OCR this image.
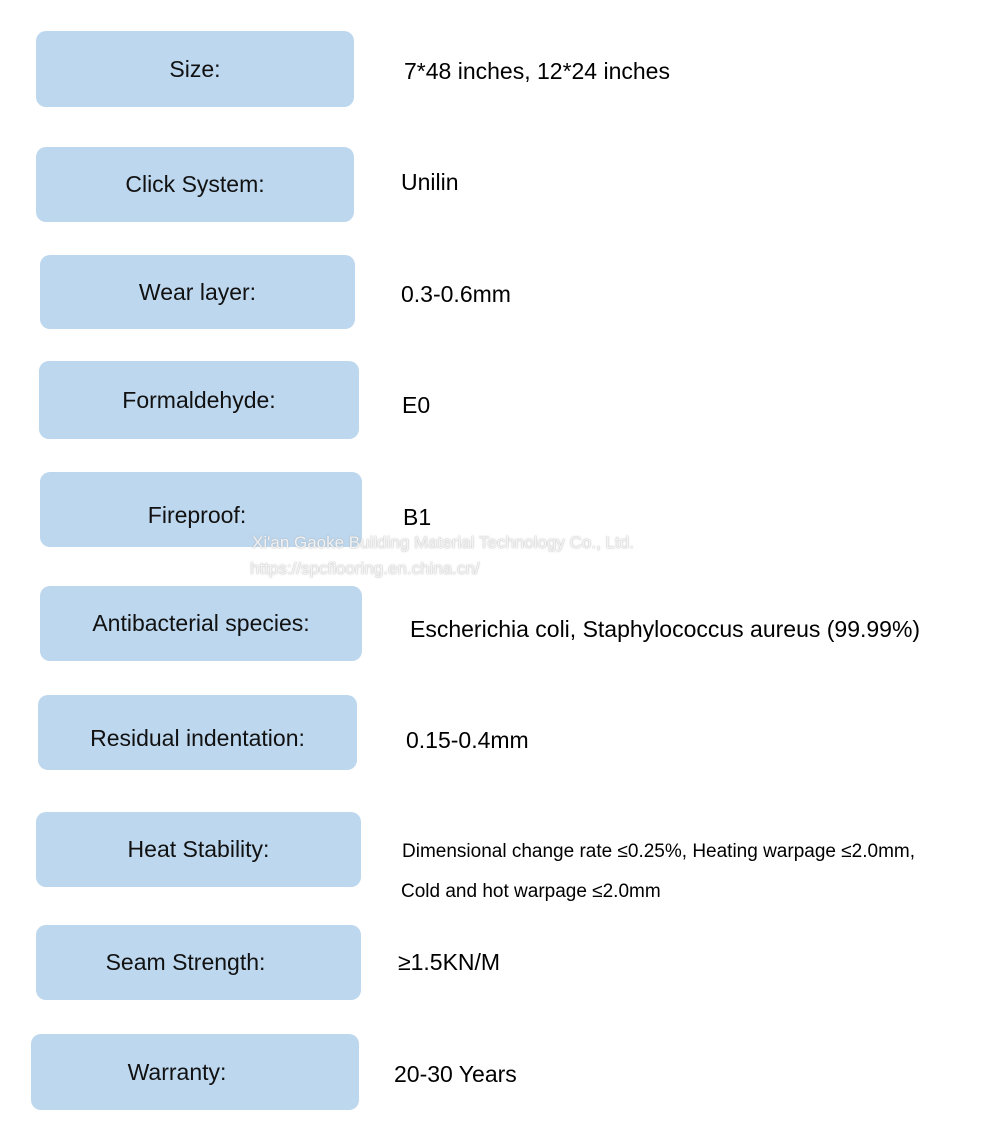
Size:	7*48 inches, 12*24 inches
Click System:	Unilin
Wear layer:	0.3-0.6mm
Formaldehyde:	E0
Fireproof:	B1
Xi'an Gaoke Building Material Technology Co., Ltd.
https://spcflooring.en.china.cn/
Antibacterial species:	Escherichia coli, Staphylococcus aureus (99.99%)
Residual indentation:	0.15-0.4mm
Heat Stability:	Dimensional change rate ≤0.25%, Heating warpage ≤2.0mm,
Cold and hot warpage ≤2.0mm
Seam Strength:	≥1.5KN/M
Warranty:	20-30 Years
